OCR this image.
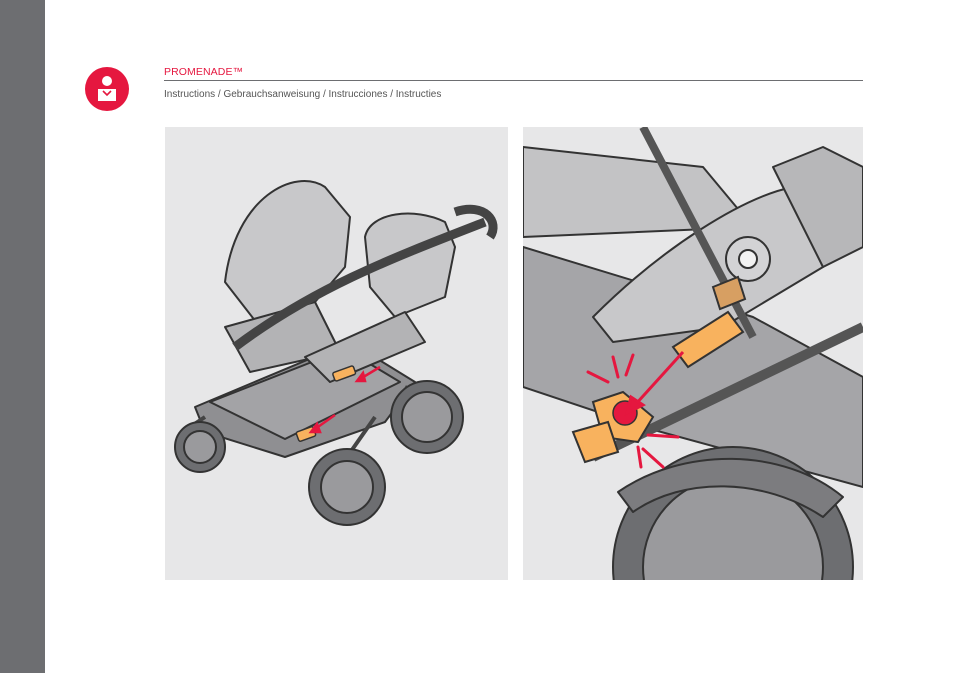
PROMENADE™
Instructions / Gebrauchsanweisung / Instrucciones / Instructies
